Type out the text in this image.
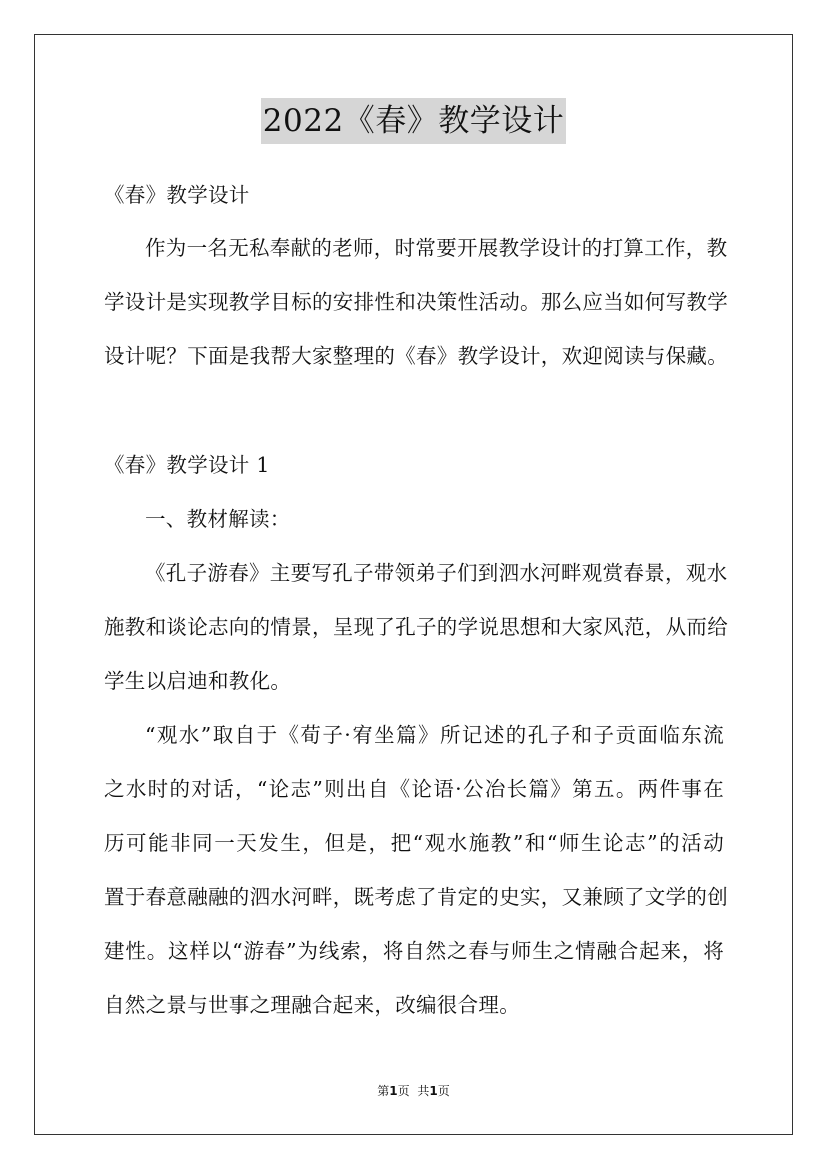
2022《春》教学设计
《春》教学设计
作为一名无私奉献的老师，时常要开展教学设计的打算工作，教
学设计是实现教学目标的安排性和决策性活动。那么应当如何写教学
设计呢？下面是我帮大家整理的《春》教学设计，欢迎阅读与保藏。
《春》教学设计 1
一、教材解读：
《孔子游春》主要写孔子带领弟子们到泗水河畔观赏春景，观水
施教和谈论志向的情景，呈现了孔子的学说思想和大家风范，从而给
学生以启迪和教化。
“观水”取自于《荀子·宥坐篇》所记述的孔子和子贡面临东流
之水时的对话，“论志”则出自《论语·公冶长篇》第五。两件事在
历可能非同一天发生，但是，把“观水施教”和“师生论志”的活动
置于春意融融的泗水河畔，既考虑了肯定的史实，又兼顾了文学的创
建性。这样以“游春”为线索，将自然之春与师生之情融合起来，将
自然之景与世事之理融合起来，改编很合理。
第1页 共1页
